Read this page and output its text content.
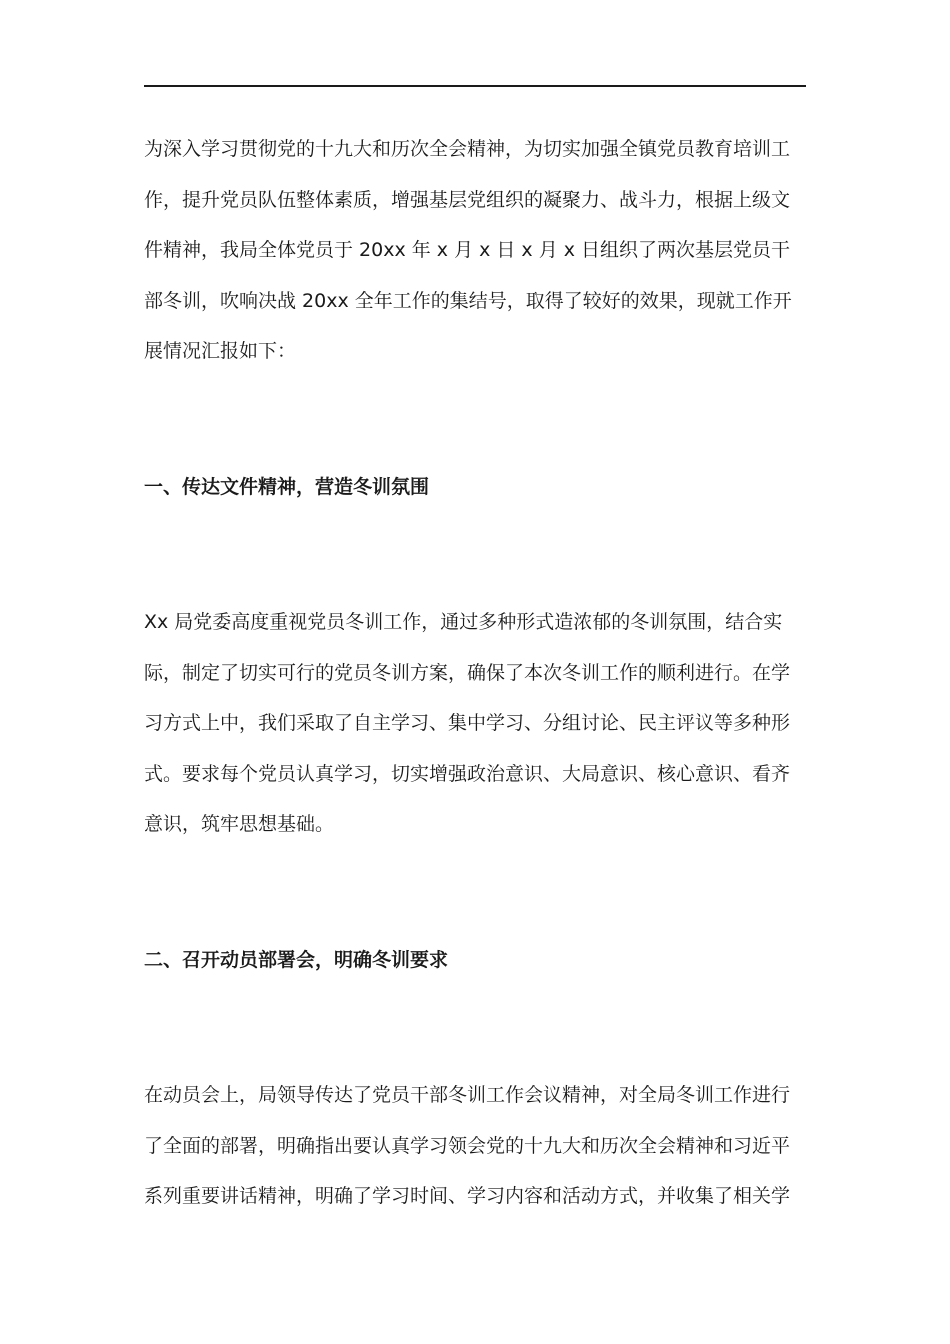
为深入学习贯彻党的十九大和历次全会精神，为切实加强全镇党员教育培训工作，提升党员队伍整体素质，增强基层党组织的凝聚力、战斗力，根据上级文件精神，我局全体党员于 20xx 年 x 月 x 日 x 月 x 日组织了两次基层党员干部冬训，吹响决战 20xx 全年工作的集结号，取得了较好的效果，现就工作开展情况汇报如下：

一、传达文件精神，营造冬训氛围

Xx 局党委高度重视党员冬训工作，通过多种形式造浓郁的冬训氛围，结合实际，制定了切实可行的党员冬训方案，确保了本次冬训工作的顺利进行。在学习方式上中，我们采取了自主学习、集中学习、分组讨论、民主评议等多种形式。要求每个党员认真学习，切实增强政治意识、大局意识、核心意识、看齐意识，筑牢思想基础。

二、召开动员部署会，明确冬训要求

在动员会上，局领导传达了党员干部冬训工作会议精神，对全局冬训工作进行了全面的部署，明确指出要认真学习领会党的十九大和历次全会精神和习近平系列重要讲话精神，明确了学习时间、学习内容和活动方式，并收集了相关学
